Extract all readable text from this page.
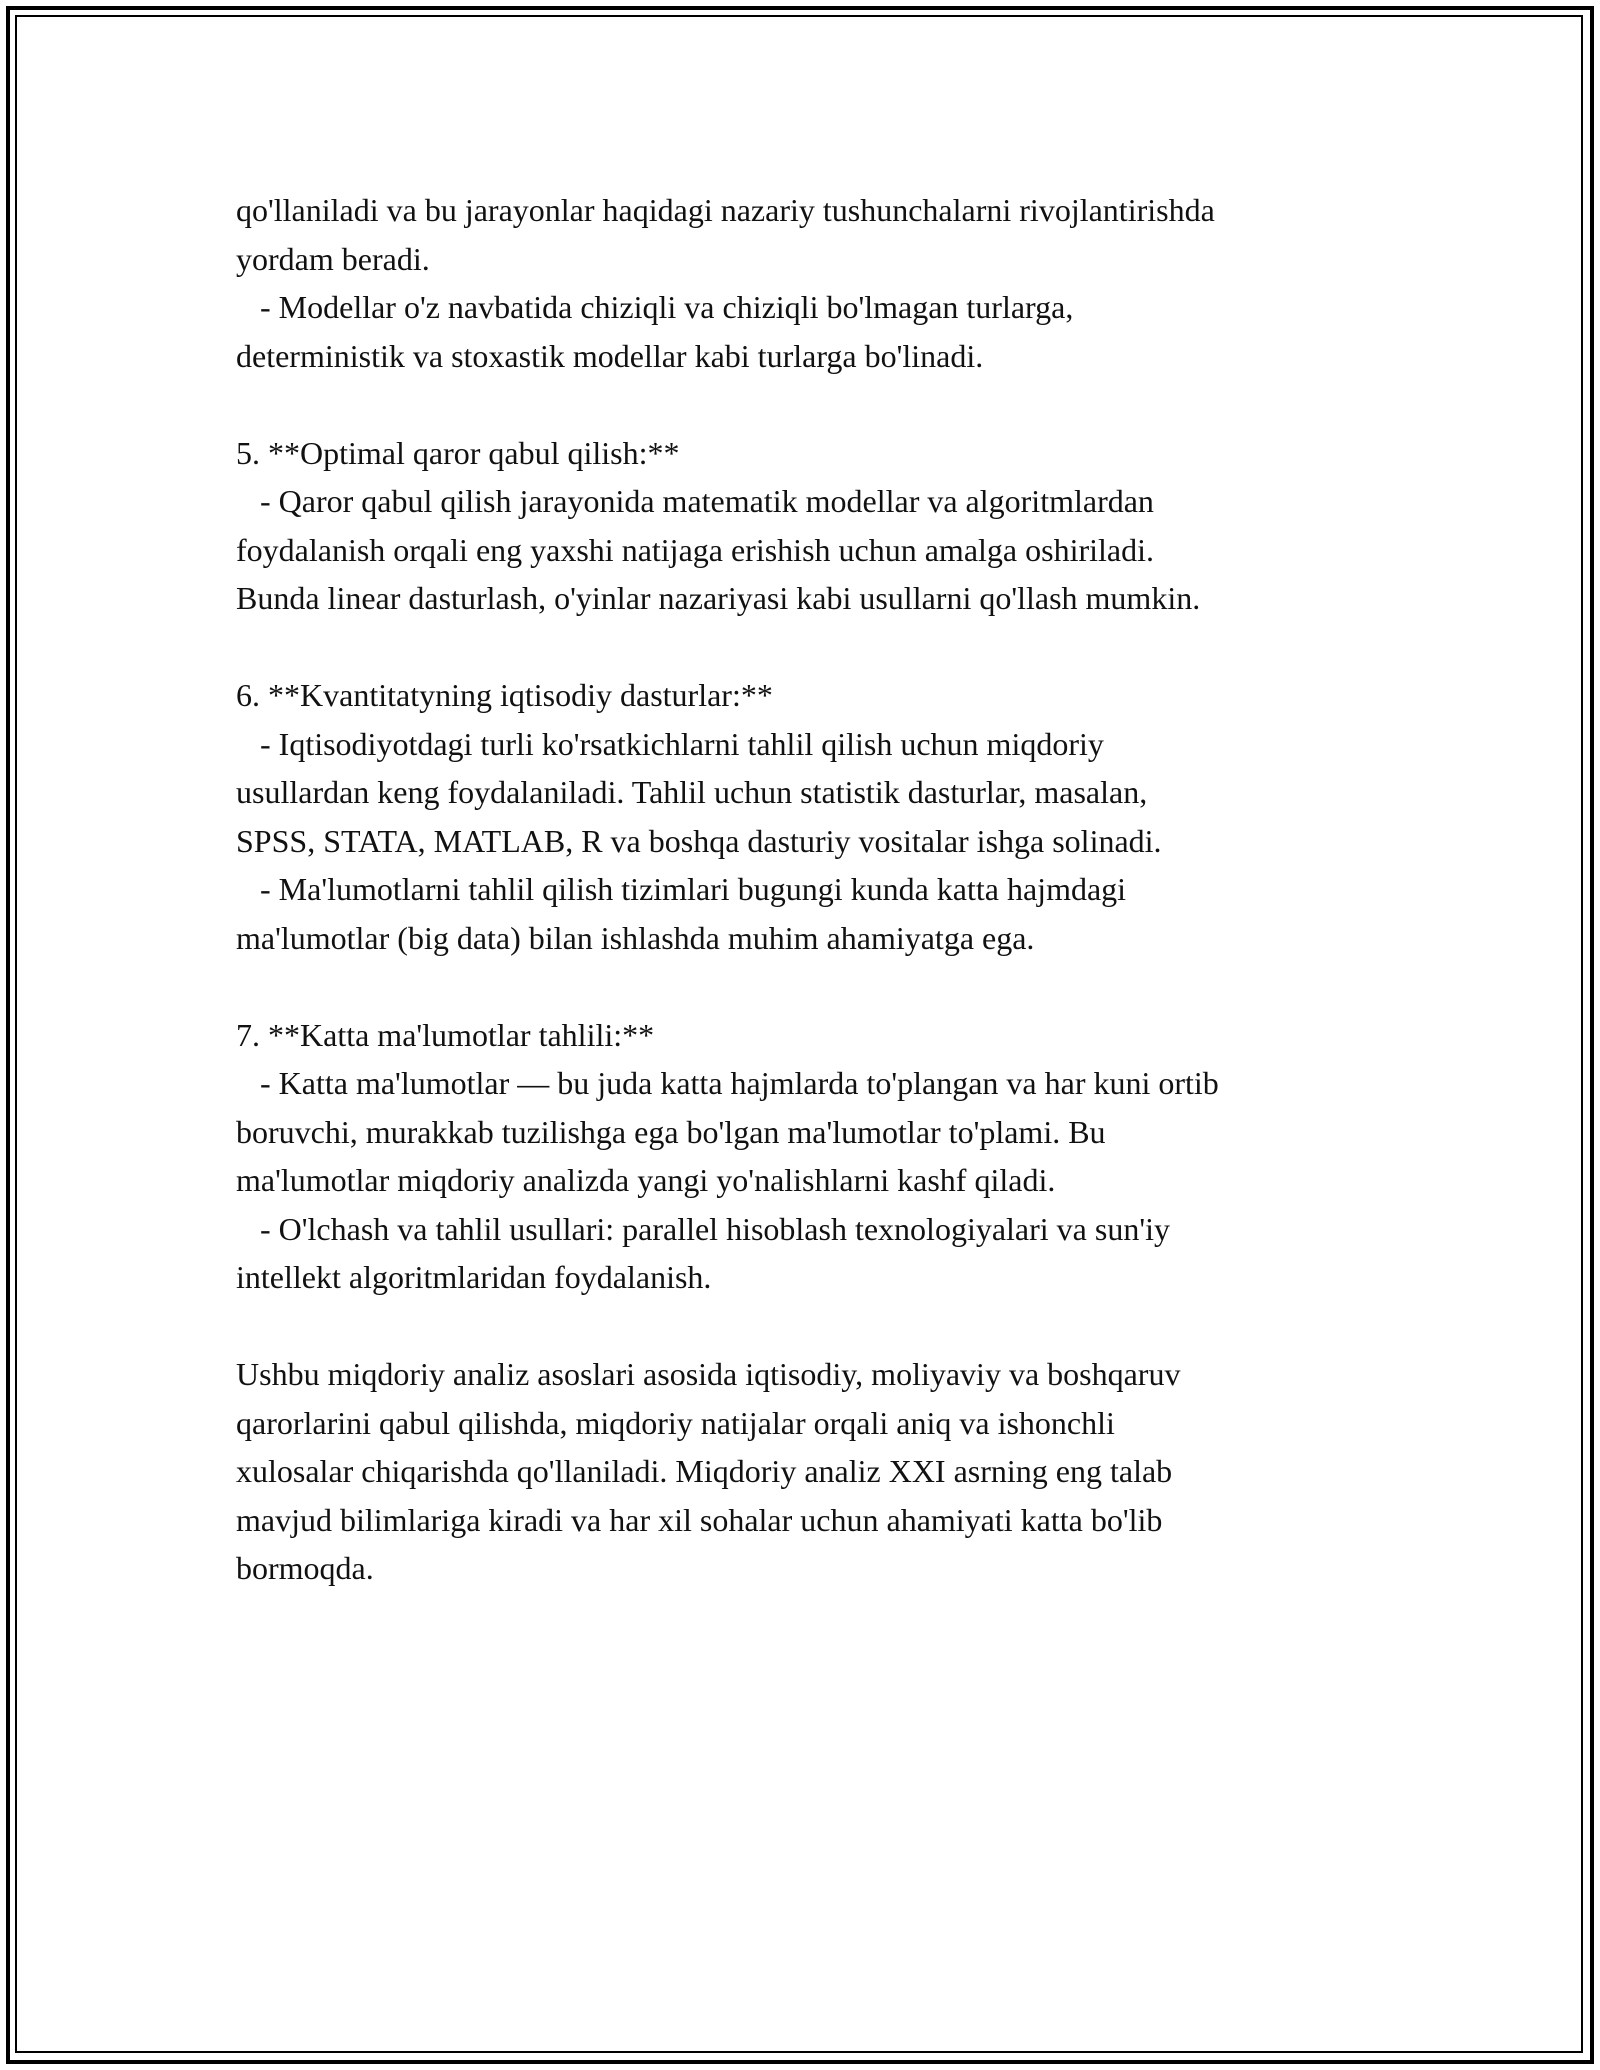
qo'llaniladi va bu jarayonlar haqidagi nazariy tushunchalarni rivojlantirishda
yordam beradi.
- Modellar o'z navbatida chiziqli va chiziqli bo'lmagan turlarga,
deterministik va stoxastik modellar kabi turlarga bo'linadi.
5. **Optimal qaror qabul qilish:**
- Qaror qabul qilish jarayonida matematik modellar va algoritmlardan
foydalanish orqali eng yaxshi natijaga erishish uchun amalga oshiriladi.
Bunda linear dasturlash, o'yinlar nazariyasi kabi usullarni qo'llash mumkin.
6. **Kvantitatyning iqtisodiy dasturlar:**
- Iqtisodiyotdagi turli ko'rsatkichlarni tahlil qilish uchun miqdoriy
usullardan keng foydalaniladi. Tahlil uchun statistik dasturlar, masalan,
SPSS, STATA, MATLAB, R va boshqa dasturiy vositalar ishga solinadi.
- Ma'lumotlarni tahlil qilish tizimlari bugungi kunda katta hajmdagi
ma'lumotlar (big data) bilan ishlashda muhim ahamiyatga ega.
7. **Katta ma'lumotlar tahlili:**
- Katta ma'lumotlar — bu juda katta hajmlarda to'plangan va har kuni ortib
boruvchi, murakkab tuzilishga ega bo'lgan ma'lumotlar to'plami. Bu
ma'lumotlar miqdoriy analizda yangi yo'nalishlarni kashf qiladi.
- O'lchash va tahlil usullari: parallel hisoblash texnologiyalari va sun'iy
intellekt algoritmlaridan foydalanish.
Ushbu miqdoriy analiz asoslari asosida iqtisodiy, moliyaviy va boshqaruv
qarorlarini qabul qilishda, miqdoriy natijalar orqali aniq va ishonchli
xulosalar chiqarishda qo'llaniladi. Miqdoriy analiz XXI asrning eng talab
mavjud bilimlariga kiradi va har xil sohalar uchun ahamiyati katta bo'lib
bormoqda.
